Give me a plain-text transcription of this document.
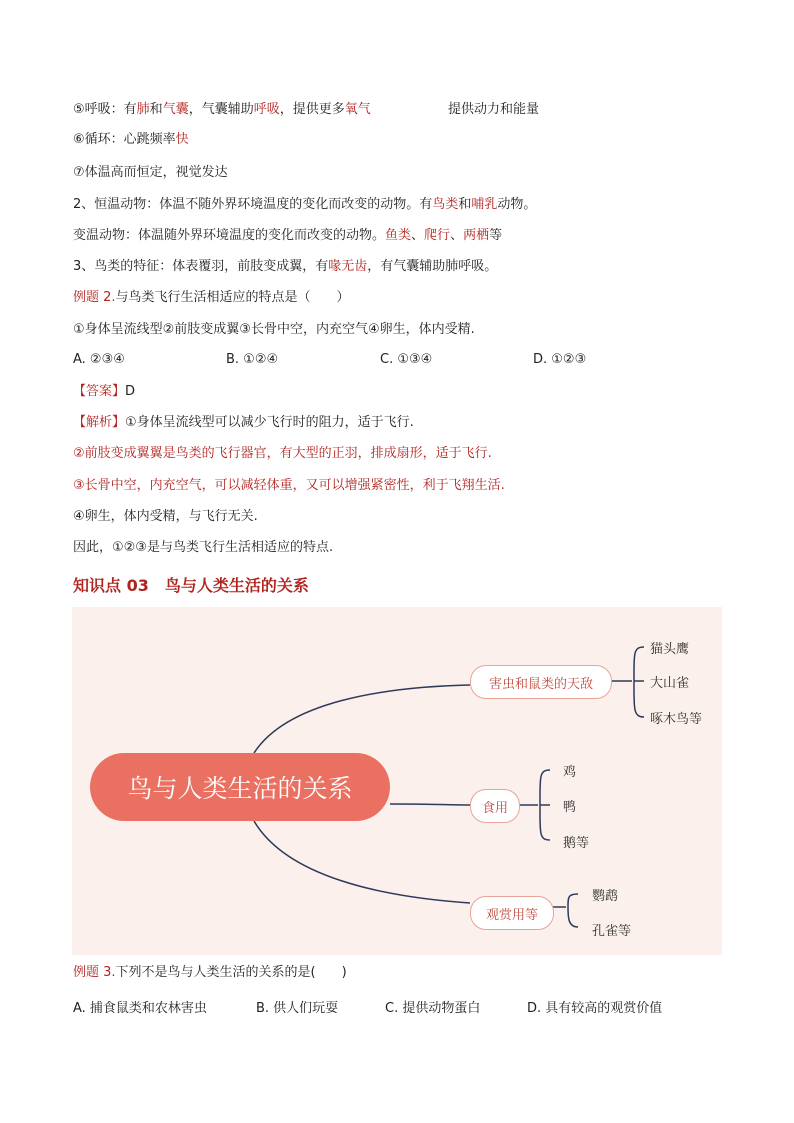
⑤呼吸：有肺和气囊，气囊辅助呼吸，提供更多氧气	提供动力和能量
⑥循环：心跳频率快
⑦体温高而恒定，视觉发达
2、恒温动物：体温不随外界环境温度的变化而改变的动物。有鸟类和哺乳动物。
变温动物：体温随外界环境温度的变化而改变的动物。鱼类、爬行、两栖等
3、鸟类的特征：体表覆羽，前肢变成翼，有喙无齿，有气囊辅助肺呼吸。
例题 2.与鸟类飞行生活相适应的特点是（　　）
①身体呈流线型②前肢变成翼③长骨中空，内充空气④卵生，体内受精.
A. ②③④	B. ①②④	C. ①③④	D. ①②③
【答案】D
【解析】①身体呈流线型可以减少飞行时的阻力，适于飞行.
②前肢变成翼翼是鸟类的飞行器官，有大型的正羽，排成扇形，适于飞行.
③长骨中空，内充空气，可以减轻体重，又可以增强紧密性，利于飞翔生活.
④卵生，体内受精，与飞行无关.
因此，①②③是与鸟类飞行生活相适应的特点.
知识点 03　鸟与人类生活的关系
鸟与人类生活的关系
害虫和鼠类的天敌
猫头鹰
大山雀
啄木鸟等
食用
鸡
鸭
鹅等
观赏用等
鹦鹉
孔雀等
例题 3.下列不是鸟与人类生活的关系的是(　　)
A. 捕食鼠类和农林害虫	B. 供人们玩耍	C. 提供动物蛋白	D. 具有较高的观赏价值
